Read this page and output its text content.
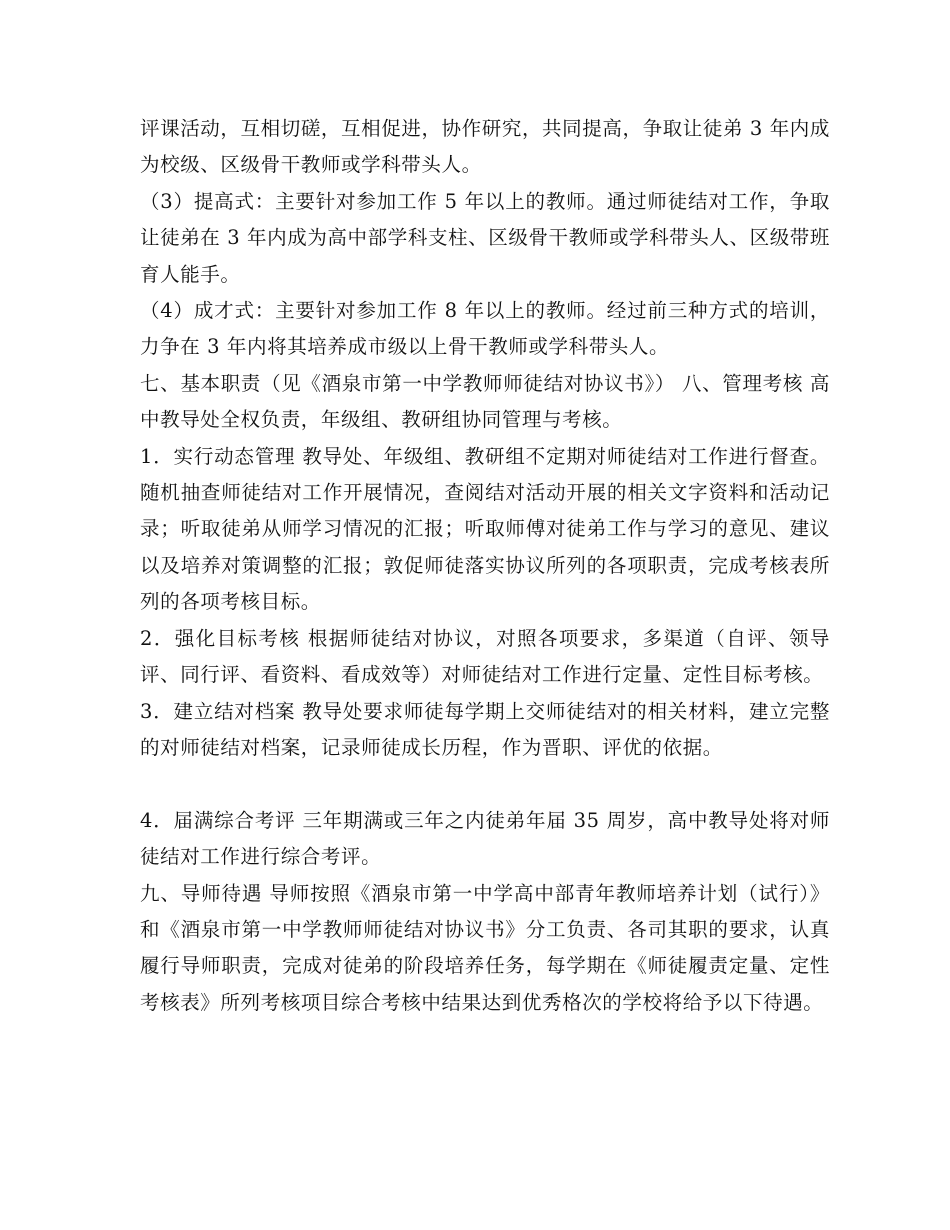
评课活动，互相切磋，互相促进，协作研究，共同提高，争取让徒弟 3 年内成为校级、区级骨干教师或学科带头人。

（3）提高式：主要针对参加工作 5 年以上的教师。通过师徒结对工作，争取让徒弟在 3 年内成为高中部学科支柱、区级骨干教师或学科带头人、区级带班育人能手。

（4）成才式：主要针对参加工作 8 年以上的教师。经过前三种方式的培训，力争在 3 年内将其培养成市级以上骨干教师或学科带头人。

七、基本职责（见《酒泉市第一中学教师师徒结对协议书》） 八、管理考核 高中教导处全权负责，年级组、教研组协同管理与考核。

1．实行动态管理 教导处、年级组、教研组不定期对师徒结对工作进行督查。随机抽查师徒结对工作开展情况，查阅结对活动开展的相关文字资料和活动记录；听取徒弟从师学习情况的汇报；听取师傅对徒弟工作与学习的意见、建议以及培养对策调整的汇报；敦促师徒落实协议所列的各项职责，完成考核表所列的各项考核目标。

2．强化目标考核 根据师徒结对协议，对照各项要求，多渠道（自评、领导评、同行评、看资料、看成效等）对师徒结对工作进行定量、定性目标考核。

3．建立结对档案 教导处要求师徒每学期上交师徒结对的相关材料，建立完整的对师徒结对档案，记录师徒成长历程，作为晋职、评优的依据。

4．届满综合考评 三年期满或三年之内徒弟年届 35 周岁，高中教导处将对师徒结对工作进行综合考评。

九、导师待遇 导师按照《酒泉市第一中学高中部青年教师培养计划（试行）》和《酒泉市第一中学教师师徒结对协议书》分工负责、各司其职的要求，认真履行导师职责，完成对徒弟的阶段培养任务，每学期在《师徒履责定量、定性考核表》所列考核项目综合考核中结果达到优秀格次的学校将给予以下待遇。
